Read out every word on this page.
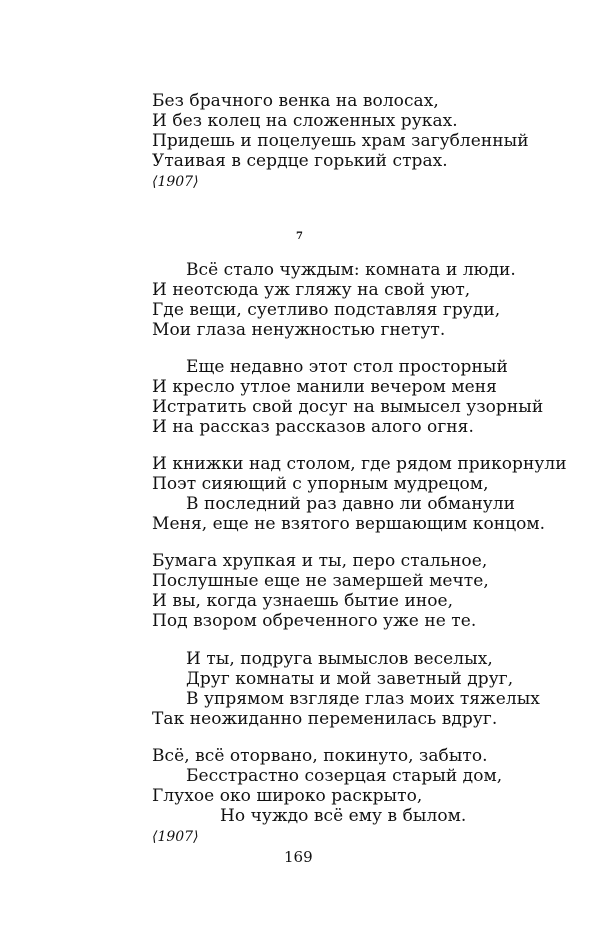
Без брачного венка на волосах,
И без колец на сложенных руках.
Придешь и поцелуешь храм загубленный
Утаивая в сердце горький страх.
⟨1907⟩
7
Всё стало чуждым: комната и люди.
И неотсюда уж гляжу на свой уют,
Где вещи, суетливо подставляя груди,
Мои глаза ненужностью гнетут.
Еще недавно этот стол просторный
И кресло утлое манили вечером меня
Истратить свой досуг на вымысел узорный
И на рассказ рассказов алого огня.
И книжки над столом, где рядом прикорнули
Поэт сияющий с упорным мудрецом,
В последний раз давно ли обманули
Меня, еще не взятого вершающим концом.
Бумага хрупкая и ты, перо стальное,
Послушные еще не замершей мечте,
И вы, когда узнаешь бытие иное,
Под взором обреченного уже не те.
И ты, подруга вымыслов веселых,
Друг комнаты и мой заветный друг,
В упрямом взгляде глаз моих тяжелых
Так неожиданно переменилась вдруг.
Всё, всё оторвано, покинуто, забыто.
Бесстрастно созерцая старый дом,
Глухое око широко раскрыто,
Но чуждо всё ему в былом.
⟨1907⟩
169
